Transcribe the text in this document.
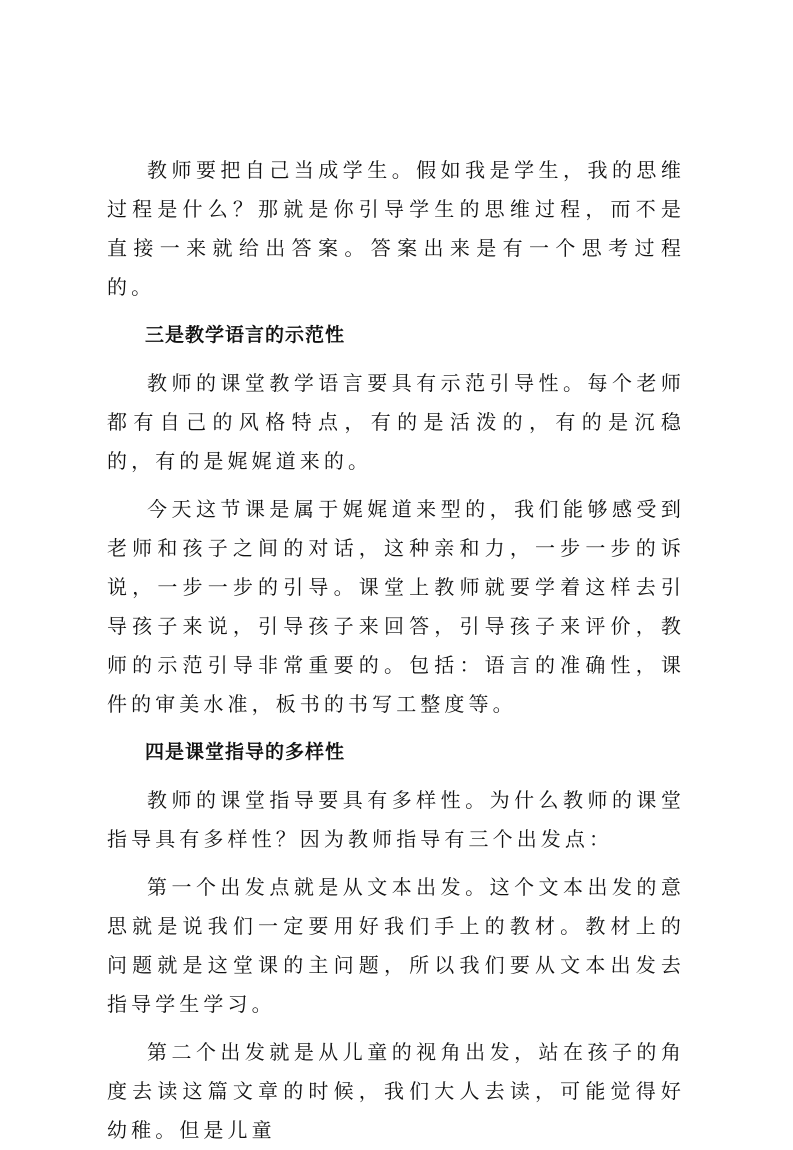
教师要把自己当成学生。假如我是学生，我的思维过程是什么？那就是你引导学生的思维过程，而不是直接一来就给出答案。答案出来是有一个思考过程的。

三是教学语言的示范性

教师的课堂教学语言要具有示范引导性。每个老师都有自己的风格特点，有的是活泼的，有的是沉稳的，有的是娓娓道来的。

今天这节课是属于娓娓道来型的，我们能够感受到老师和孩子之间的对话，这种亲和力，一步一步的诉说，一步一步的引导。课堂上教师就要学着这样去引导孩子来说，引导孩子来回答，引导孩子来评价，教师的示范引导非常重要的。包括：语言的准确性，课件的审美水准，板书的书写工整度等。

四是课堂指导的多样性

教师的课堂指导要具有多样性。为什么教师的课堂指导具有多样性？因为教师指导有三个出发点：

第一个出发点就是从文本出发。这个文本出发的意思就是说我们一定要用好我们手上的教材。教材上的问题就是这堂课的主问题，所以我们要从文本出发去指导学生学习。

第二个出发就是从儿童的视角出发，站在孩子的角度去读这篇文章的时候，我们大人去读，可能觉得好幼稚。但是儿童
